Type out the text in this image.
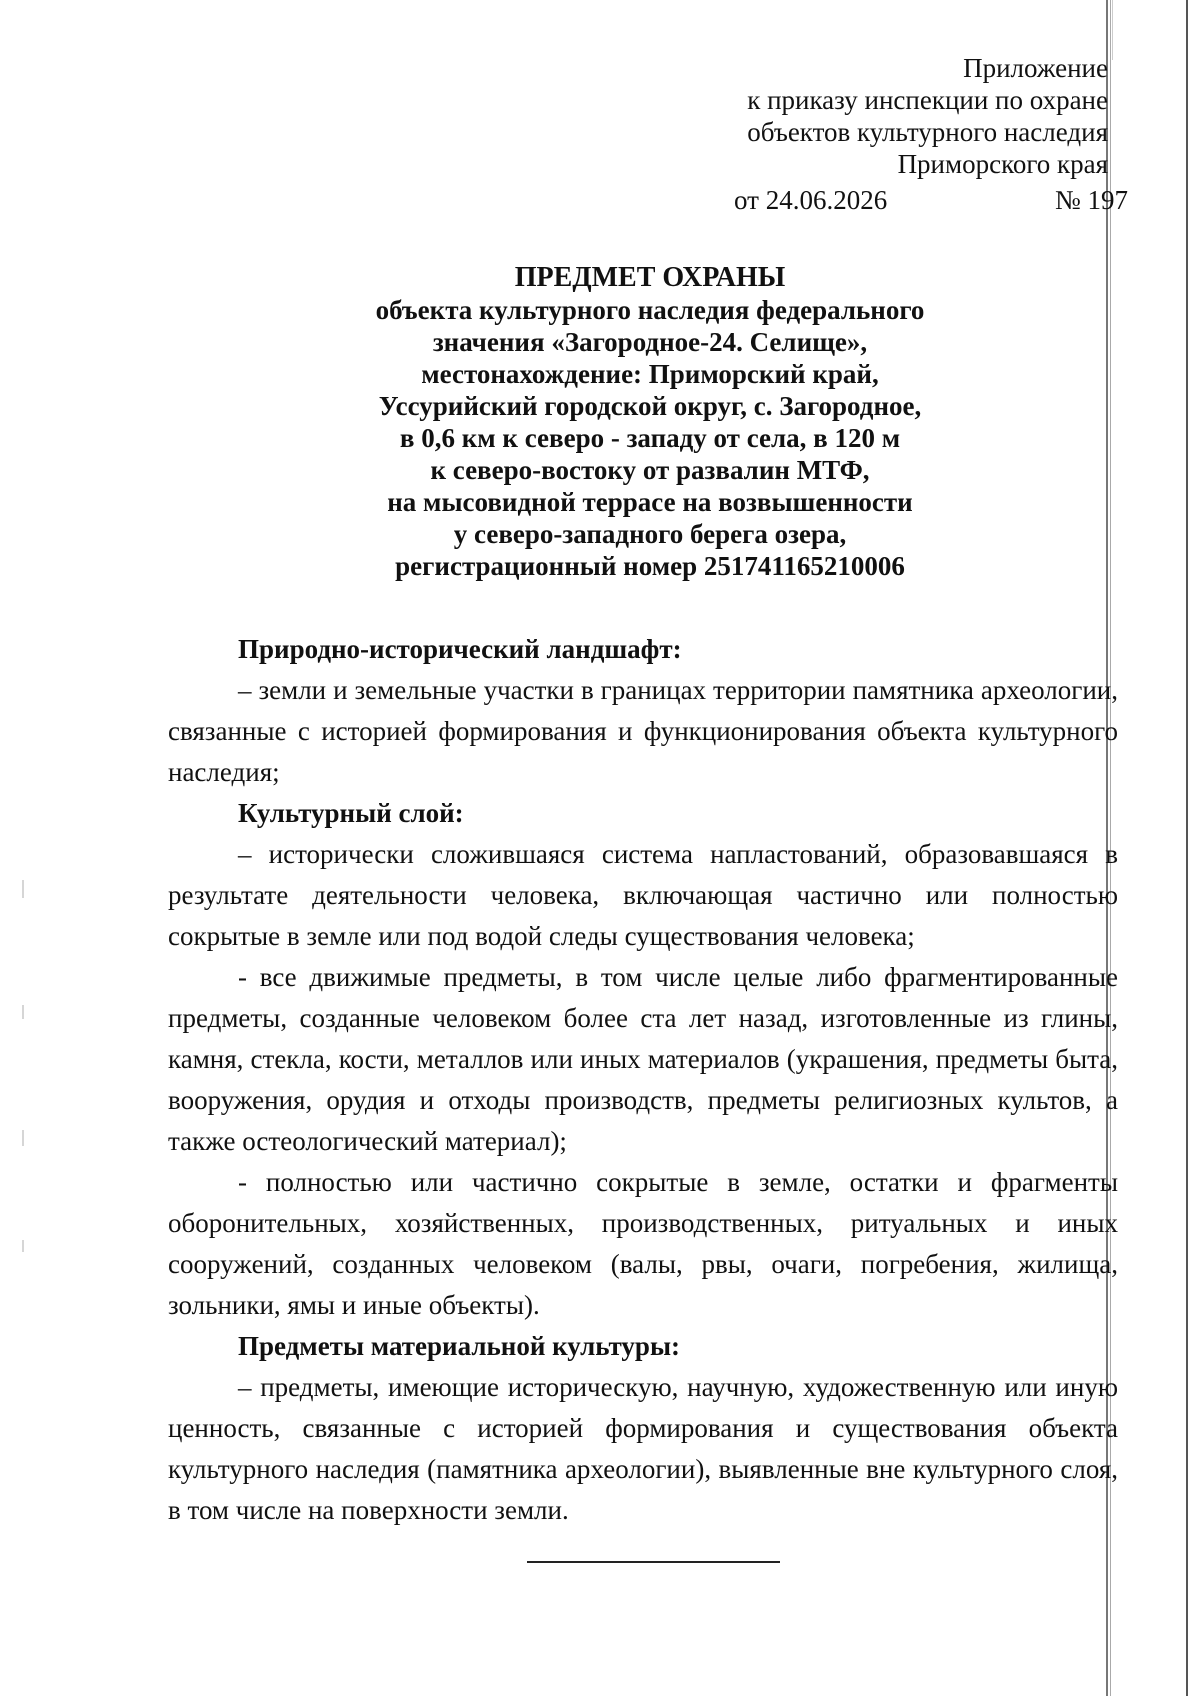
Приложение
к приказу инспекции по охране
объектов культурного наследия
Приморского края
от 24.06.2026	№ 197
ПРЕДМЕТ ОХРАНЫ
объекта культурного наследия федерального
значения «Загородное-24. Селище»,
местонахождение: Приморский край,
Уссурийский городской округ, с. Загородное,
в 0,6 км к северо - западу от села, в 120 м
к северо-востоку от развалин МТФ,
на мысовидной террасе на возвышенности
у северо-западного берега озера,
регистрационный номер 251741165210006

Природно-исторический ландшафт:

– земли и земельные участки в границах территории памятника археологии, связанные с историей формирования и функционирования объекта культурного наследия;

Культурный слой:

– исторически сложившаяся система напластований, образовавшаяся в результате деятельности человека, включающая частично или полностью сокрытые в земле или под водой следы существования человека;

- все движимые предметы, в том числе целые либо фрагментированные предметы, созданные человеком более ста лет назад, изготовленные из глины, камня, стекла, кости, металлов или иных материалов (украшения, предметы быта, вооружения, орудия и отходы производств, предметы религиозных культов, а также остеологический материал);

- полностью или частично сокрытые в земле, остатки и фрагменты оборонительных, хозяйственных, производственных, ритуальных и иных сооружений, созданных человеком (валы, рвы, очаги, погребения, жилища, зольники, ямы и иные объекты).

Предметы материальной культуры:

– предметы, имеющие историческую, научную, художественную или иную ценность, связанные с историей формирования и существования объекта культурного наследия (памятника археологии), выявленные вне культурного слоя, в том числе на поверхности земли.
